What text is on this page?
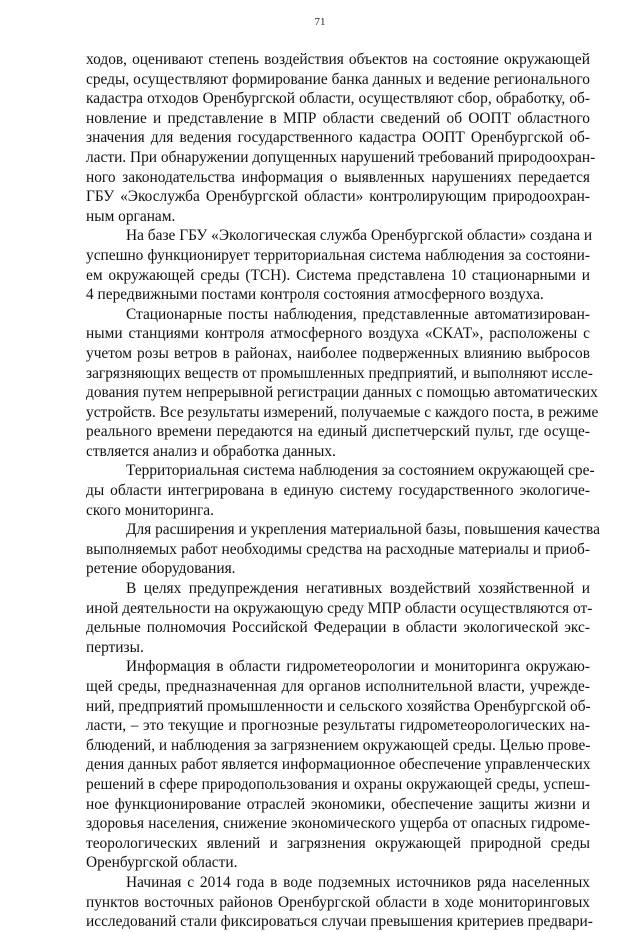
71
ходов, оценивают степень воздействия объектов на состояние окружающей
среды, осуществляют формирование банка данных и ведение регионального
кадастра отходов Оренбургской области, осуществляют сбор, обработку, об-
новление и представление в МПР области сведений об ООПТ областного
значения для ведения государственного кадастра ООПТ Оренбургской об-
ласти. При обнаружении допущенных нарушений требований природоохран-
ного законодательства информация о выявленных нарушениях передается
ГБУ «Экослужба Оренбургской области» контролирующим природоохран-
ным органам.
На базе ГБУ «Экологическая служба Оренбургской области» создана и
успешно функционирует территориальная система наблюдения за состояни-
ем окружающей среды (ТСН). Система представлена 10 стационарными и
4 передвижными постами контроля состояния атмосферного воздуха.
Стационарные посты наблюдения, представленные автоматизирован-
ными станциями контроля атмосферного воздуха «СКАТ», расположены с
учетом розы ветров в районах, наиболее подверженных влиянию выбросов
загрязняющих веществ от промышленных предприятий, и выполняют иссле-
дования путем непрерывной регистрации данных с помощью автоматических
устройств. Все результаты измерений, получаемые с каждого поста, в режиме
реального времени передаются на единый диспетчерский пульт, где осуще-
ствляется анализ и обработка данных.
Территориальная система наблюдения за состоянием окружающей сре-
ды области интегрирована в единую систему государственного экологиче-
ского мониторинга.
Для расширения и укрепления материальной базы, повышения качества
выполняемых работ необходимы средства на расходные материалы и приоб-
ретение оборудования.
В целях предупреждения негативных воздействий хозяйственной и
иной деятельности на окружающую среду МПР области осуществляются от-
дельные полномочия Российской Федерации в области экологической экс-
пертизы.
Информация в области гидрометеорологии и мониторинга окружаю-
щей среды, предназначенная для органов исполнительной власти, учрежде-
ний, предприятий промышленности и сельского хозяйства Оренбургской об-
ласти, – это текущие и прогнозные результаты гидрометеорологических на-
блюдений, и наблюдения за загрязнением окружающей среды. Целью прове-
дения данных работ является информационное обеспечение управленческих
решений в сфере природопользования и охраны окружающей среды, успеш-
ное функционирование отраслей экономики, обеспечение защиты жизни и
здоровья населения, снижение экономического ущерба от опасных гидроме-
теорологических явлений и загрязнения окружающей природной среды
Оренбургской области.
Начиная с 2014 года в воде подземных источников ряда населенных
пунктов восточных районов Оренбургской области в ходе мониторинговых
исследований стали фиксироваться случаи превышения критериев предвари-
